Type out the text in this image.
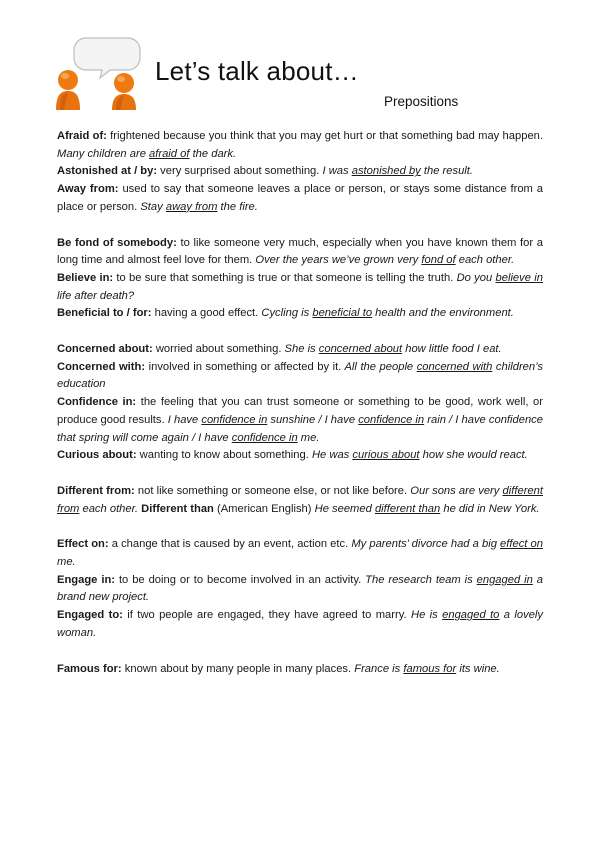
Let’s talk about…
Prepositions

Afraid of: frightened because you think that you may get hurt or that something bad may happen. Many children are afraid of the dark.

Astonished at / by: very surprised about something. I was astonished by the result.

Away from: used to say that someone leaves a place or person, or stays some distance from a place or person. Stay away from the fire.

Be fond of somebody: to like someone very much, especially when you have known them for a long time and almost feel love for them. Over the years we’ve grown very fond of each other.

Believe in: to be sure that something is true or that someone is telling the truth. Do you believe in life after death?

Beneficial to / for: having a good effect. Cycling is beneficial to health and the environment.

Concerned about: worried about something. She is concerned about how little food I eat.

Concerned with: involved in something or affected by it. All the people concerned with children’s education

Confidence in: the feeling that you can trust someone or something to be good, work well, or produce good results. I have confidence in sunshine / I have confidence in rain / I have confidence that spring will come again / I have confidence in me.

Curious about: wanting to know about something. He was curious about how she would react.

Different from: not like something or someone else, or not like before. Our sons are very different from each other. Different than (American English) He seemed different than he did in New York.

Effect on: a change that is caused by an event, action etc. My parents’ divorce had a big effect on me.

Engage in: to be doing or to become involved in an activity. The research team is engaged in a brand new project.

Engaged to: if two people are engaged, they have agreed to marry. He is engaged to a lovely woman.

Famous for: known about by many people in many places. France is famous for its wine.
